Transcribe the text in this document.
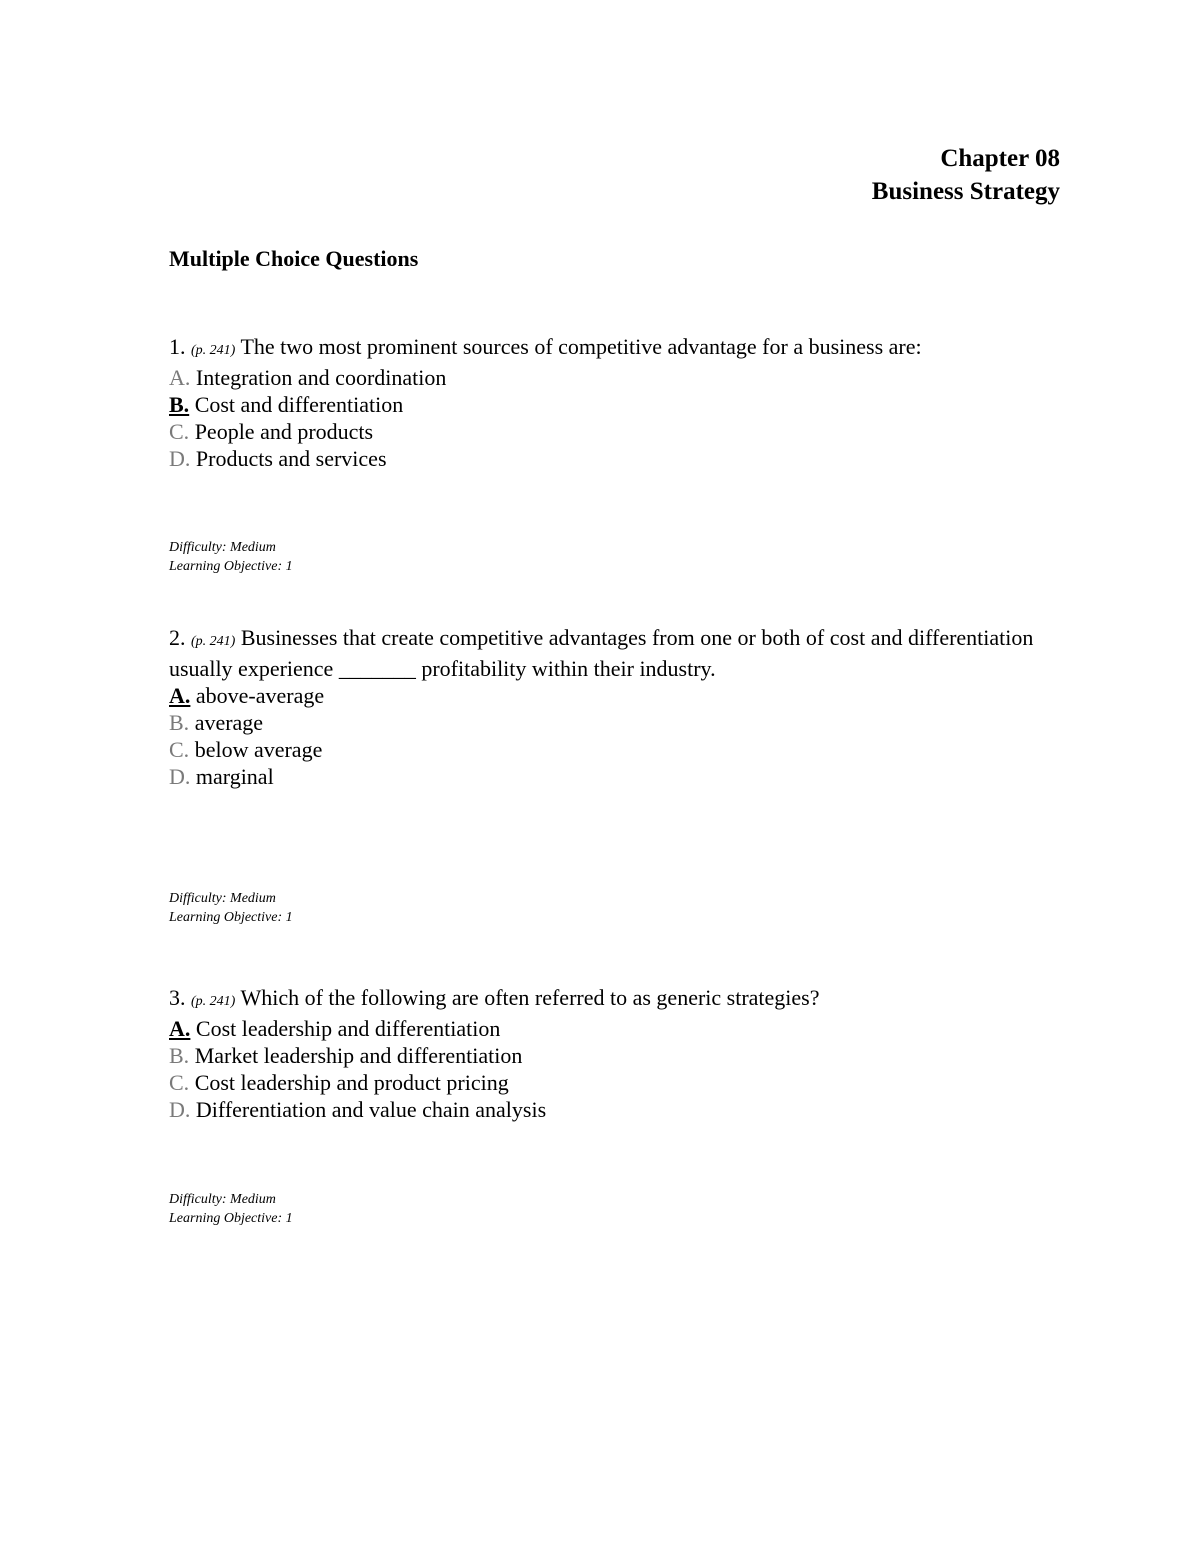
Chapter 08
Business Strategy
Multiple Choice Questions

1. (p. 241) The two most prominent sources of competitive advantage for a business are:

A. Integration and coordination
B. Cost and differentiation
C. People and products
D. Products and services
Difficulty: Medium
Learning Objective: 1

2. (p. 241) Businesses that create competitive advantages from one or both of cost and differentiation usually experience _______ profitability within their industry.

A. above-average
B. average
C. below average
D. marginal
Difficulty: Medium
Learning Objective: 1

3. (p. 241) Which of the following are often referred to as generic strategies?

A. Cost leadership and differentiation
B. Market leadership and differentiation
C. Cost leadership and product pricing
D. Differentiation and value chain analysis
Difficulty: Medium
Learning Objective: 1
